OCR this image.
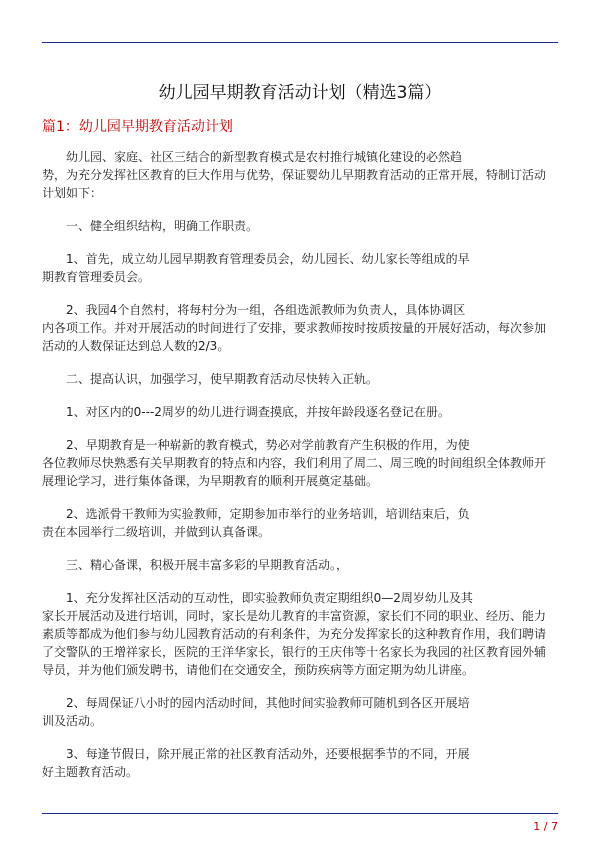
幼儿园早期教育活动计划（精选3篇）
篇1：幼儿园早期教育活动计划

幼儿园、家庭、社区三结合的新型教育模式是农村推行城镇化建设的必然趋
势，为充分发挥社区教育的巨大作用与优势，保证婴幼儿早期教育活动的正常开展，特制订活动
计划如下：

一、健全组织结构，明确工作职责。

1、首先，成立幼儿园早期教育管理委员会，幼儿园长、幼儿家长等组成的早
期教育管理委员会。

2、我园4个自然村，将每村分为一组，各组选派教师为负责人，具体协调区
内各项工作。并对开展活动的时间进行了安排，要求教师按时按质按量的开展好活动，每次参加
活动的人数保证达到总人数的2/3。

二、提高认识，加强学习，使早期教育活动尽快转入正轨。

1、对区内的0---2周岁的幼儿进行调查摸底，并按年龄段逐名登记在册。

2、早期教育是一种崭新的教育模式，势必对学前教育产生积极的作用，为使
各位教师尽快熟悉有关早期教育的特点和内容，我们利用了周二、周三晚的时间组织全体教师开
展理论学习，进行集体备课，为早期教育的顺利开展奠定基础。

2、选派骨干教师为实验教师，定期参加市举行的业务培训，培训结束后，负
责在本园举行二级培训，并做到认真备课。

三、精心备课，积极开展丰富多彩的早期教育活动。，

1、充分发挥社区活动的互动性，即实验教师负责定期组织0—2周岁幼儿及其
家长开展活动及进行培训，同时，家长是幼儿教育的丰富资源，家长们不同的职业、经历、能力
素质等都成为他们参与幼儿园教育活动的有利条件，为充分发挥家长的这种教育作用，我们聘请
了交警队的王增祥家长，医院的王洋华家长，银行的王庆伟等十名家长为我园的社区教育园外辅
导员，并为他们颁发聘书，请他们在交通安全，预防疾病等方面定期为幼儿讲座。

2、每周保证八小时的园内活动时间，其他时间实验教师可随机到各区开展培
训及活动。

3、每逢节假日，除开展正常的社区教育活动外，还要根据季节的不同，开展
好主题教育活动。

1 / 7
